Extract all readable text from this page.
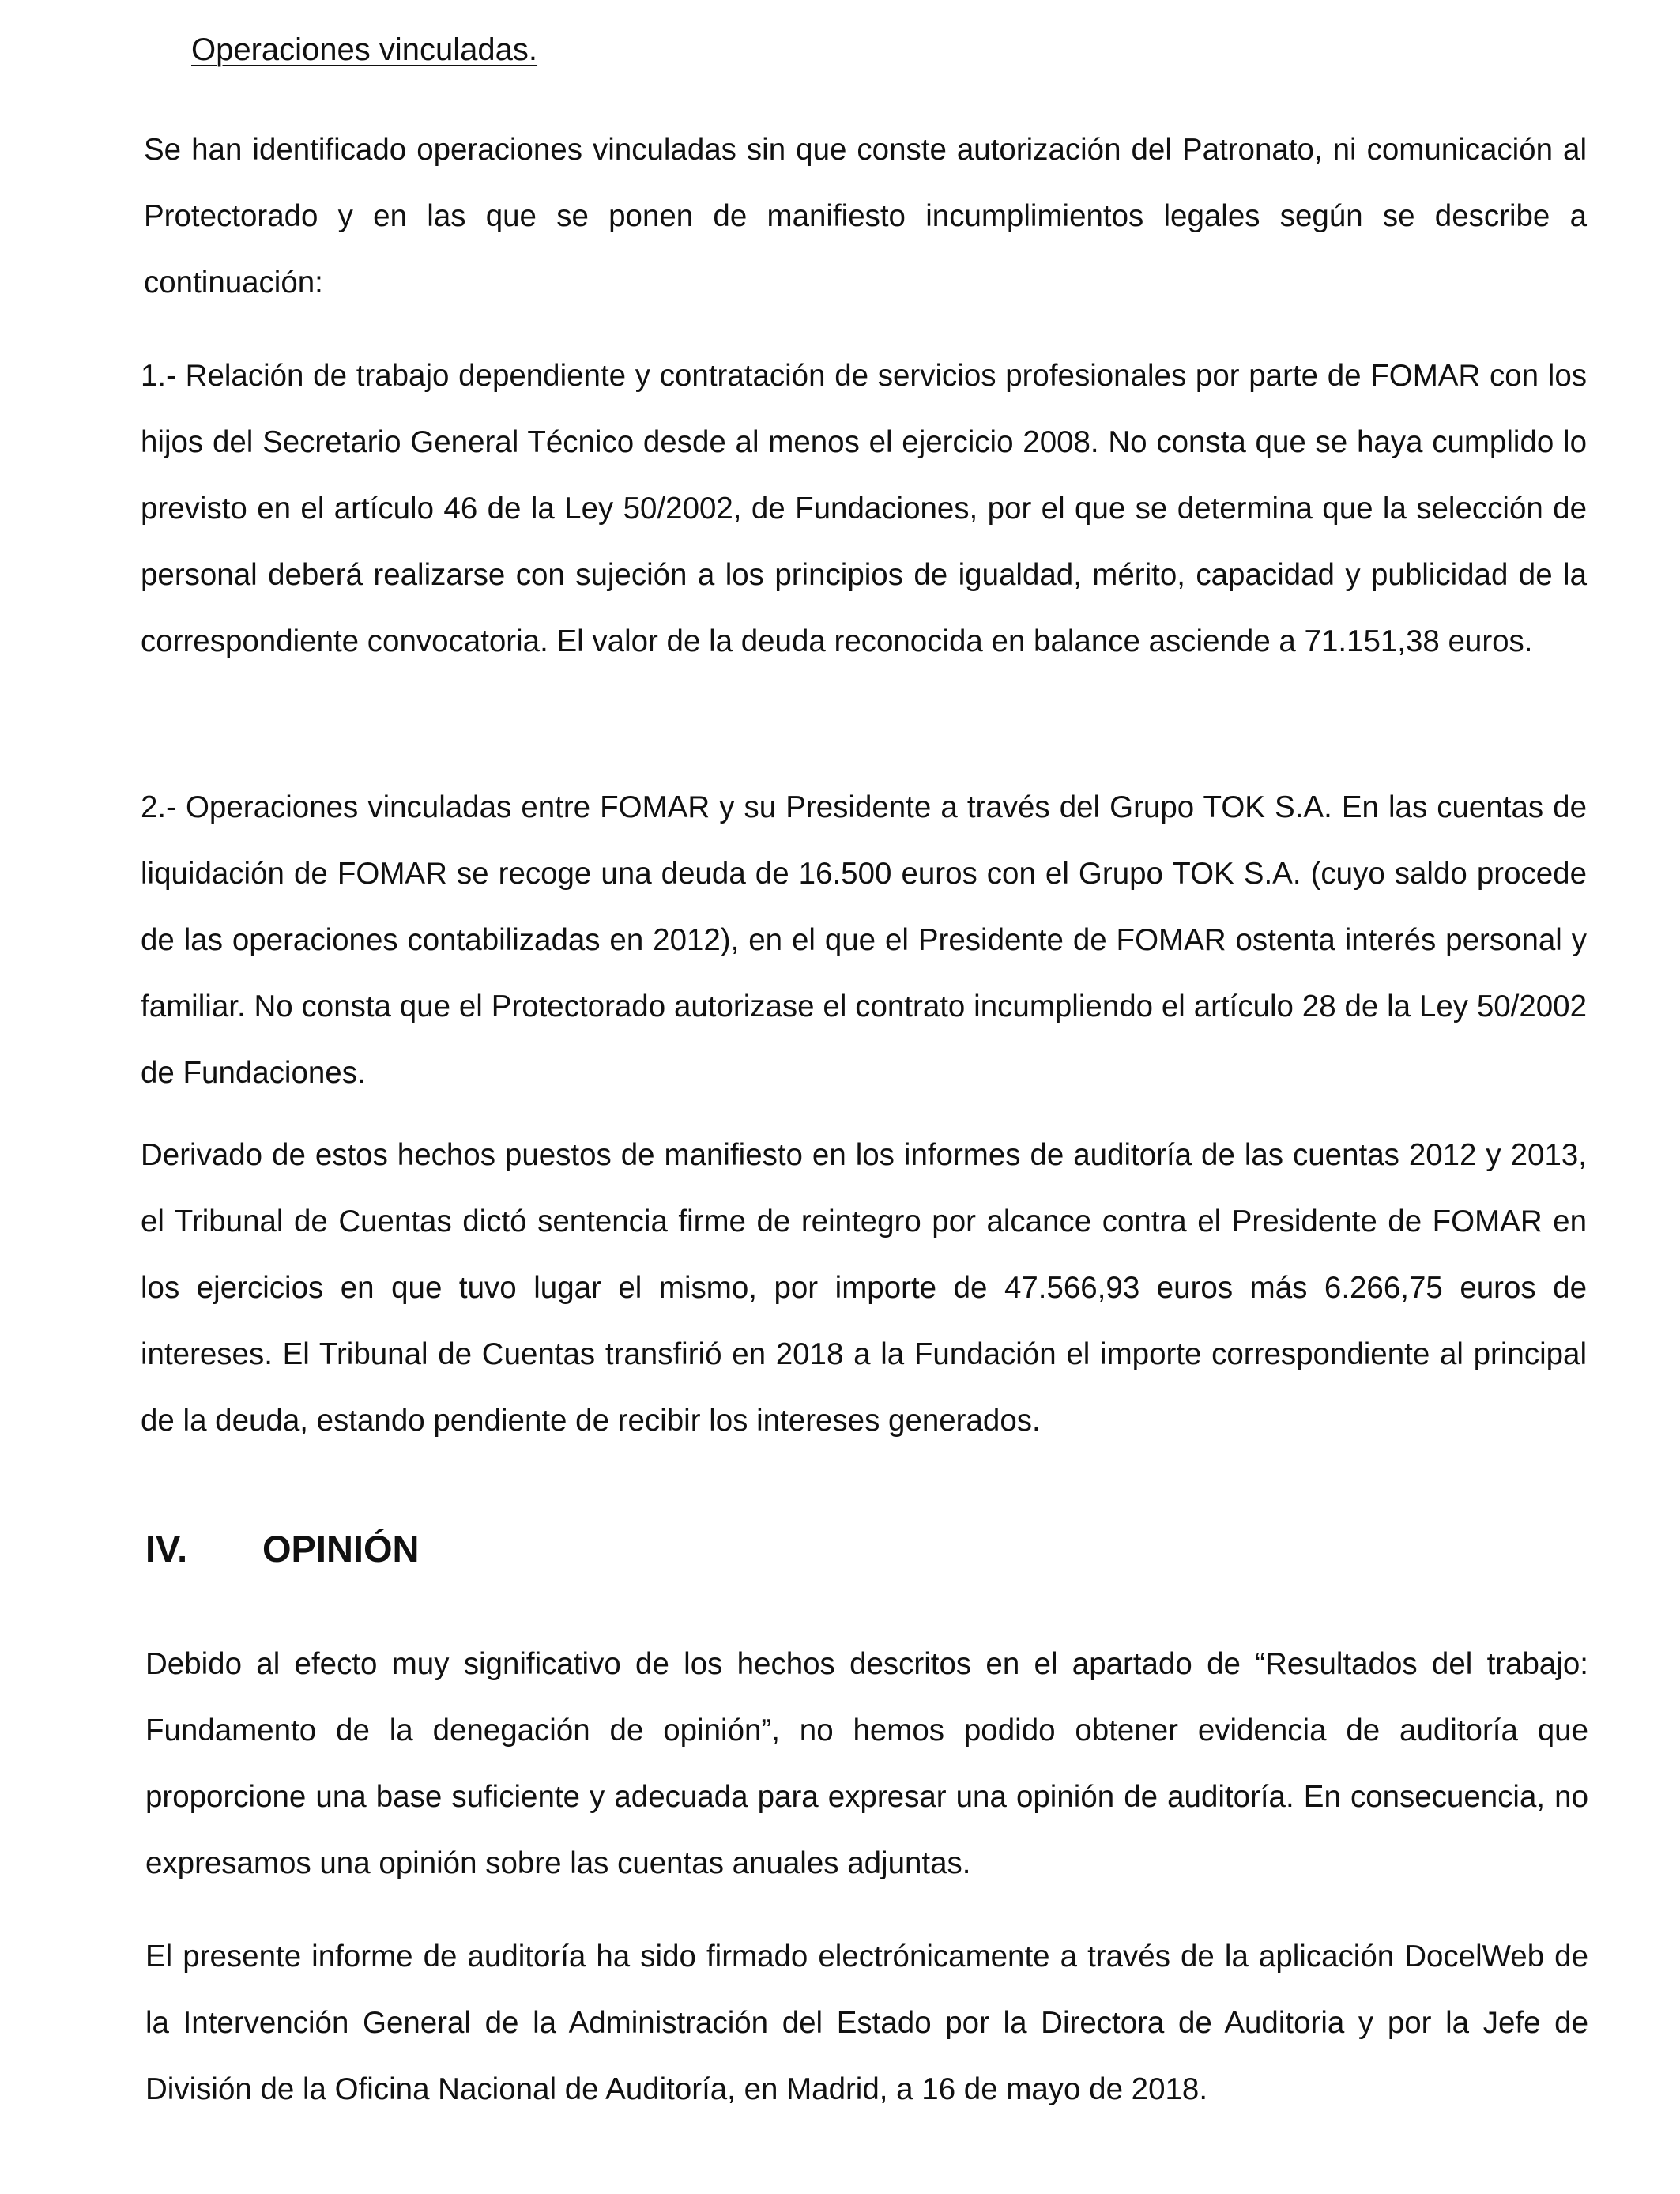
Operaciones vinculadas.

Se han identificado operaciones vinculadas sin que conste autorización del Patronato, ni comunicación al Protectorado y en las que se ponen de manifiesto incumplimientos legales según se describe a continuación:

1.- Relación de trabajo dependiente y contratación de servicios profesionales por parte de FOMAR con los hijos del Secretario General Técnico desde al menos el ejercicio 2008. No consta que se haya cumplido lo previsto en el artículo 46 de la Ley 50/2002, de Fundaciones, por el que se determina que la selección de personal deberá realizarse con sujeción a los principios de igualdad, mérito, capacidad y publicidad de la correspondiente convocatoria. El valor de la deuda reconocida en balance asciende a 71.151,38 euros.

2.- Operaciones vinculadas entre FOMAR y su Presidente a través del Grupo TOK S.A. En las cuentas de liquidación de FOMAR se recoge una deuda de 16.500 euros con el Grupo TOK S.A. (cuyo saldo procede de las operaciones contabilizadas en 2012), en el que el Presidente de FOMAR ostenta interés personal y familiar. No consta que el Protectorado autorizase el contrato incumpliendo el artículo 28 de la Ley 50/2002 de Fundaciones.

Derivado de estos hechos puestos de manifiesto en los informes de auditoría de las cuentas 2012 y 2013, el Tribunal de Cuentas dictó sentencia firme de reintegro por alcance contra el Presidente de FOMAR en los ejercicios en que tuvo lugar el mismo, por importe de 47.566,93 euros más 6.266,75 euros de intereses. El Tribunal de Cuentas transfirió en 2018 a la Fundación el importe correspondiente al principal de la deuda, estando pendiente de recibir los intereses generados.

IV.	OPINIÓN

Debido al efecto muy significativo de los hechos descritos en el apartado de “Resultados del trabajo: Fundamento de la denegación de opinión”, no hemos podido obtener evidencia de auditoría que proporcione una base suficiente y adecuada para expresar una opinión de auditoría. En consecuencia, no expresamos una opinión sobre las cuentas anuales adjuntas.

El presente informe de auditoría ha sido firmado electrónicamente a través de la aplicación DocelWeb de la Intervención General de la Administración del Estado por la Directora de Auditoria y por la Jefe de División de la Oficina Nacional de Auditoría, en Madrid, a 16 de mayo de 2018.
